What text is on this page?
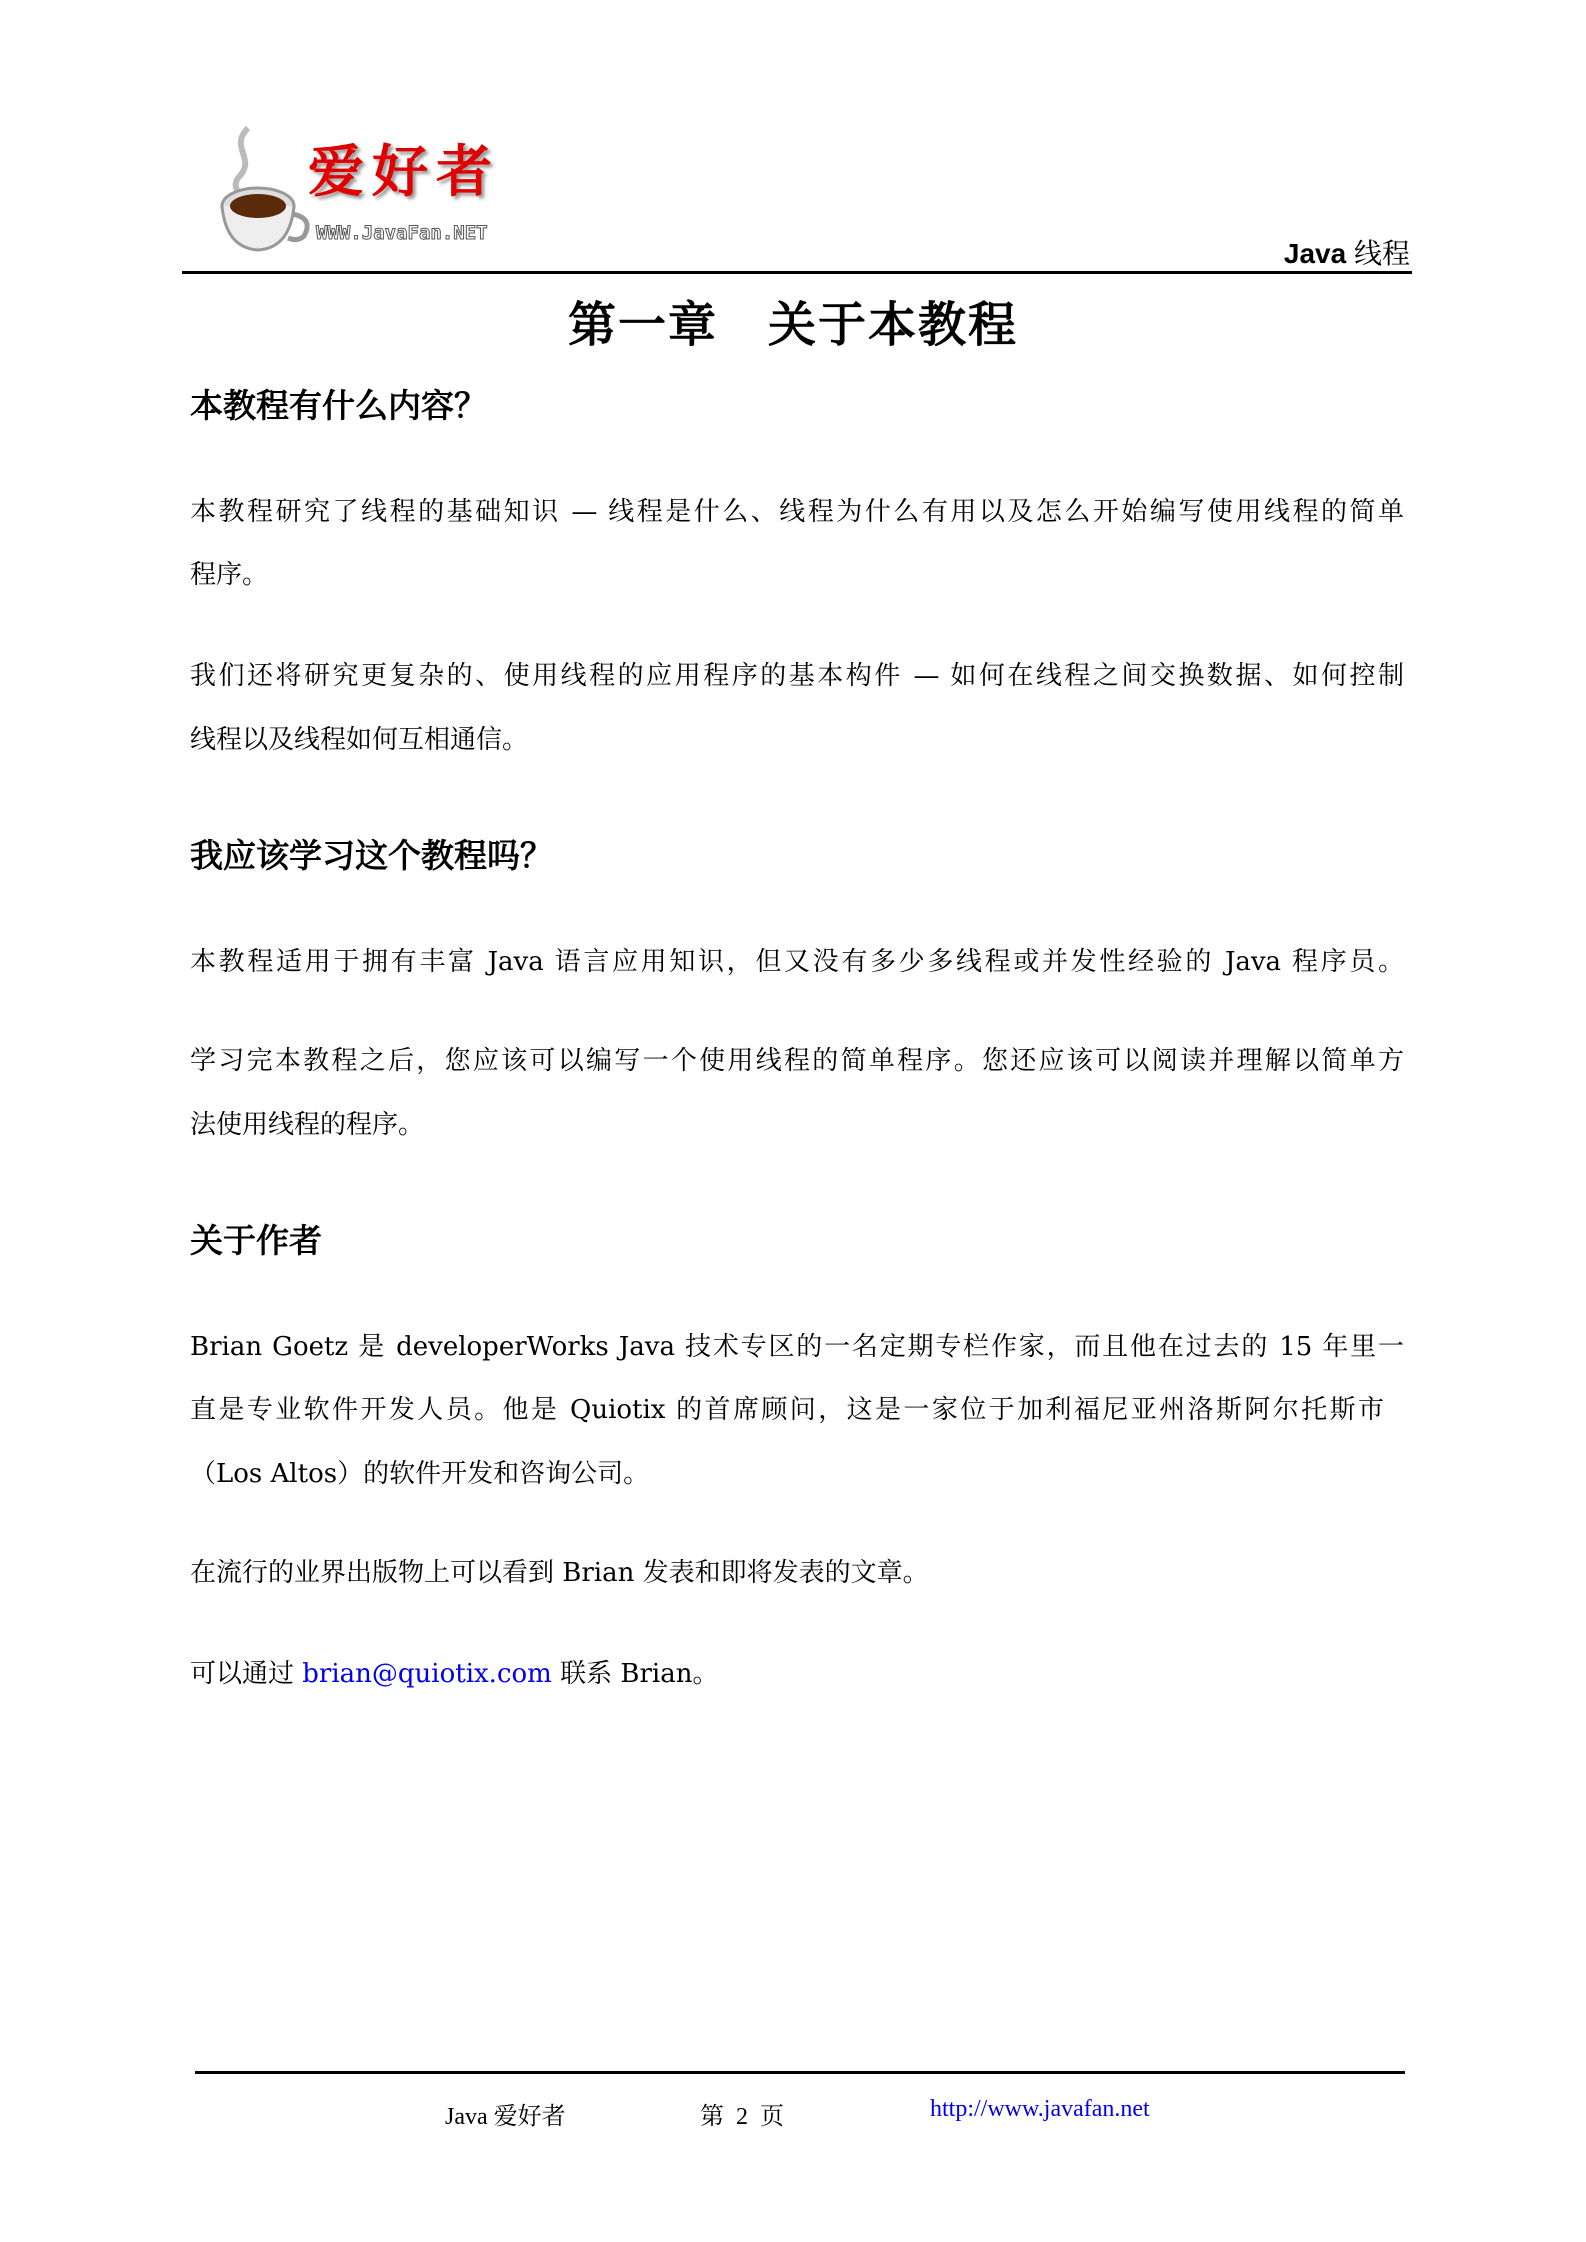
爱好者
WWW.JavaFan.NET
Java 线程
第一章　关于本教程
本教程有什么内容？
本教程研究了线程的基础知识 — 线程是什么、线程为什么有用以及怎么开始编写使用线程的简单
程序。
我们还将研究更复杂的、使用线程的应用程序的基本构件 — 如何在线程之间交换数据、如何控制
线程以及线程如何互相通信。
我应该学习这个教程吗？
本教程适用于拥有丰富 Java 语言应用知识，但又没有多少多线程或并发性经验的 Java 程序员。
学习完本教程之后，您应该可以编写一个使用线程的简单程序。您还应该可以阅读并理解以简单方
法使用线程的程序。
关于作者
Brian Goetz 是 developerWorks Java 技术专区的一名定期专栏作家，而且他在过去的 15 年里一
直是专业软件开发人员。他是 Quiotix 的首席顾问，这是一家位于加利福尼亚州洛斯阿尔托斯市
（Los Altos）的软件开发和咨询公司。
在流行的业界出版物上可以看到 Brian 发表和即将发表的文章。
可以通过 brian@quiotix.com 联系 Brian。
Java 爱好者	第 2 页	http://www.javafan.net
